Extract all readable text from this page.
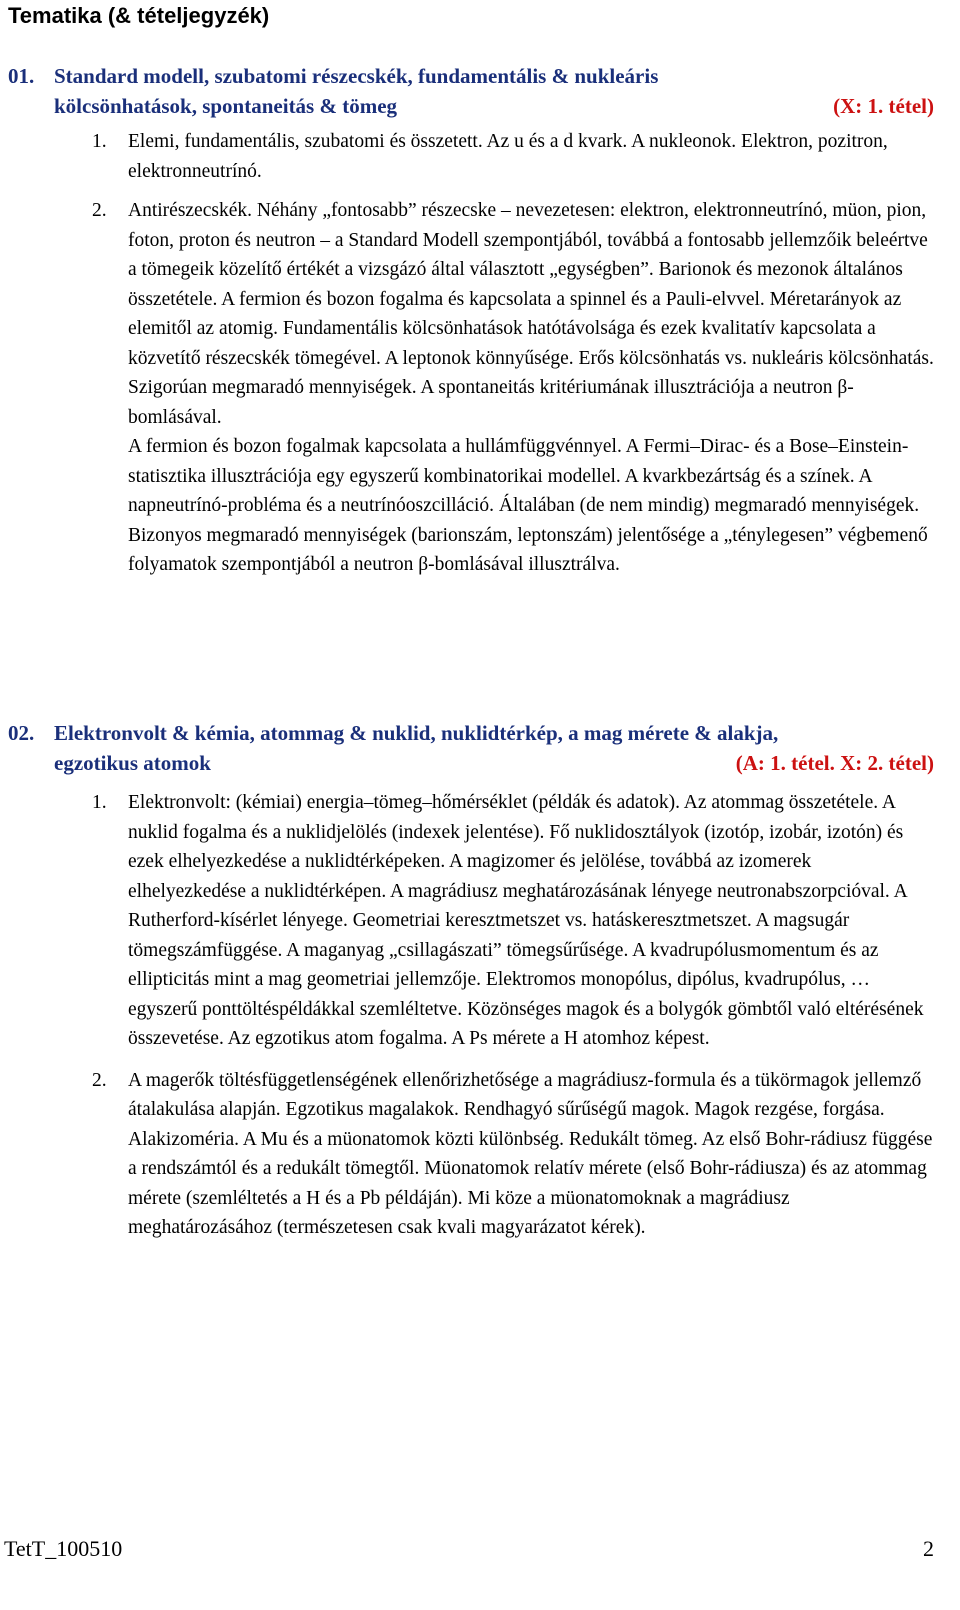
Tematika (& tételjegyzék)
01. Standard modell, szubatomi részecskék, fundamentális & nukleáris
kölcsönhatások, spontaneitás & tömeg	(X: 1. tétel)
1. Elemi, fundamentális, szubatomi és összetett. Az u és a d kvark. A nukleonok. Elektron, pozitron, elektronneutrínó.

2. Antirészecskék. Néhány „fontosabb” részecske – nevezetesen: elektron, elektronneutrínó, müon, pion, foton, proton és neutron – a Standard Modell szempontjából, továbbá a fontosabb jellemzőik beleértve a tömegeik közelítő értékét a vizsgázó által választott „egységben”. Barionok és mezonok általános összetétele. A fermion és bozon fogalma és kapcsolata a spinnel és a Pauli-elvvel. Méretarányok az elemitől az atomig. Fundamentális kölcsönhatások hatótávolsága és ezek kvalitatív kapcsolata a közvetítő részecskék tömegével. A leptonok könnyűsége. Erős kölcsönhatás vs. nukleáris kölcsönhatás. Szigorúan megmaradó mennyiségek. A spontaneitás kritériumának illusztrációja a neutron β-bomlásával.

A fermion és bozon fogalmak kapcsolata a hullámfüggvénnyel. A Fermi–Dirac- és a Bose–Einstein-statisztika illusztrációja egy egyszerű kombinatorikai modellel. A kvarkbezártság és a színek. A napneutrínó-probléma és a neutrínóoszcilláció. Általában (de nem mindig) megmaradó mennyiségek. Bizonyos megmaradó mennyiségek (barionszám, leptonszám) jelentősége a „ténylegesen” végbemenő folyamatok szempontjából a neutron β-bomlásával illusztrálva.

02. Elektronvolt & kémia, atommag & nuklid, nuklidtérkép, a mag mérete & alakja,
egzotikus atomok	(A: 1. tétel. X: 2. tétel)
1. Elektronvolt: (kémiai) energia–tömeg–hőmérséklet (példák és adatok). Az atommag összetétele. A nuklid fogalma és a nuklidjelölés (indexek jelentése). Fő nuklidosztályok (izotóp, izobár, izotón) és ezek elhelyezkedése a nuklidtérképeken. A magizomer és jelölése, továbbá az izomerek elhelyezkedése a nuklidtérképen. A magrádiusz meghatározásának lényege neutronabszorpcióval. A Rutherford-kísérlet lényege. Geometriai keresztmetszet vs. hatáskeresztmetszet. A magsugár tömegszámfüggése. A maganyag „csillagászati” tömegsűrűsége. A kvadrupólusmomentum és az ellipticitás mint a mag geometriai jellemzője. Elektromos monopólus, dipólus, kvadrupólus, … egyszerű ponttöltéspéldákkal szemléltetve. Közönséges magok és a bolygók gömbtől való eltérésének összevetése. Az egzotikus atom fogalma. A Ps mérete a H atomhoz képest.

2. A magerők töltésfüggetlenségének ellenőrizhetősége a magrádiusz-formula és a tükörmagok jellemző átalakulása alapján. Egzotikus magalakok. Rendhagyó sűrűségű magok. Magok rezgése, forgása. Alakizoméria. A Mu és a müonatomok közti különbség. Redukált tömeg. Az első Bohr-rádiusz függése a rendszámtól és a redukált tömegtől. Müonatomok relatív mérete (első Bohr-rádiusza) és az atommag mérete (szemléltetés a H és a Pb példáján). Mi köze a müonatomoknak a magrádiusz meghatározásához (természetesen csak kvali magyarázatot kérek).

TetT_100510	2
